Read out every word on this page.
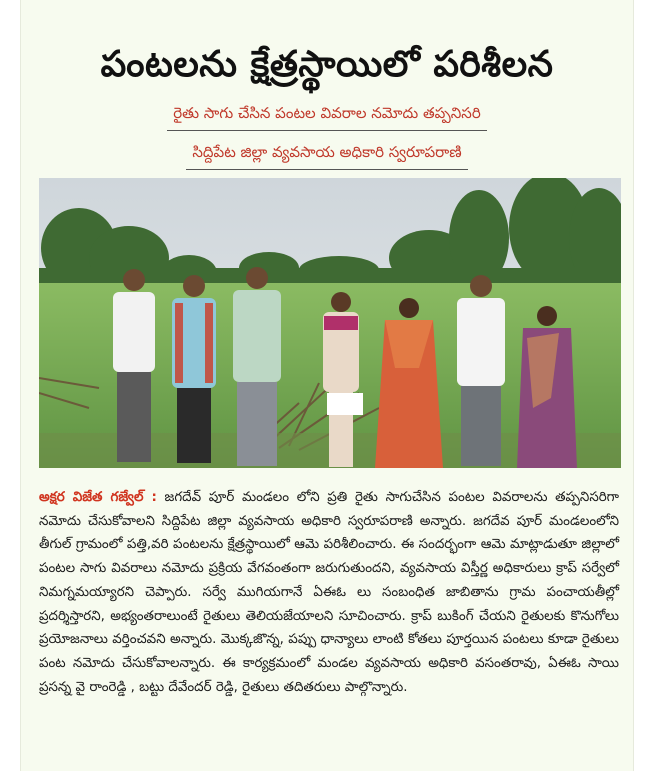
పంటలను క్షేత్రస్థాయిలో పరిశీలన
రైతు సాగు చేసిన పంటల వివరాల నమోదు తప్పనిసరి
సిద్దిపేట జిల్లా వ్యవసాయ అధికారి స్వరూపరాణి
అక్షర విజేత గజ్వేల్ : జగదేవ్ పూర్ మండలం లోని ప్రతి రైతు సాగుచేసిన పంటల వివరాలను తప్పనిసరిగా నమోదు చేసుకోవాలని సిద్దిపేట జిల్లా వ్యవసాయ అధికారి స్వరూపరాణి అన్నారు. జగదేవ పూర్ మండలంలోని తీగుల్ గ్రామంలో పత్తి,వరి పంటలను క్షేత్రస్థాయిలో ఆమె పరిశీలించారు. ఈ సందర్భంగా ఆమె మాట్లాడుతూ జిల్లాలో పంటల సాగు వివరాలు నమోదు ప్రక్రియ వేగవంతంగా జరుగుతుందని, వ్యవసాయ విస్తీర్ణ అధికారులు క్రాప్ సర్వేలో నిమగ్నమయ్యారని చెప్పారు. సర్వే ముగియగానే ఏఈఓ లు సంబంధిత జాబితాను గ్రామ పంచాయతీల్లో ప్రదర్శిస్తారని, అభ్యంతరాలుంటే రైతులు తెలియజేయాలని సూచించారు. క్రాప్ బుకింగ్ చేయని రైతులకు కొనుగోలు ప్రయోజనాలు వర్తించవని అన్నారు. మొక్కజొన్న, పప్పు ధాన్యాలు లాంటి కోతలు పూర్తయిన పంటలు కూడా రైతులు పంట నమోదు చేసుకోవాలన్నారు. ఈ కార్యక్రమంలో మండల వ్యవసాయ అధికారి వసంతరావు, ఏఈఓ సాయి ప్రసన్న వై రాంరెడ్డి , బట్టు దేవేందర్ రెడ్డి, రైతులు తదితరులు పాల్గొన్నారు.
